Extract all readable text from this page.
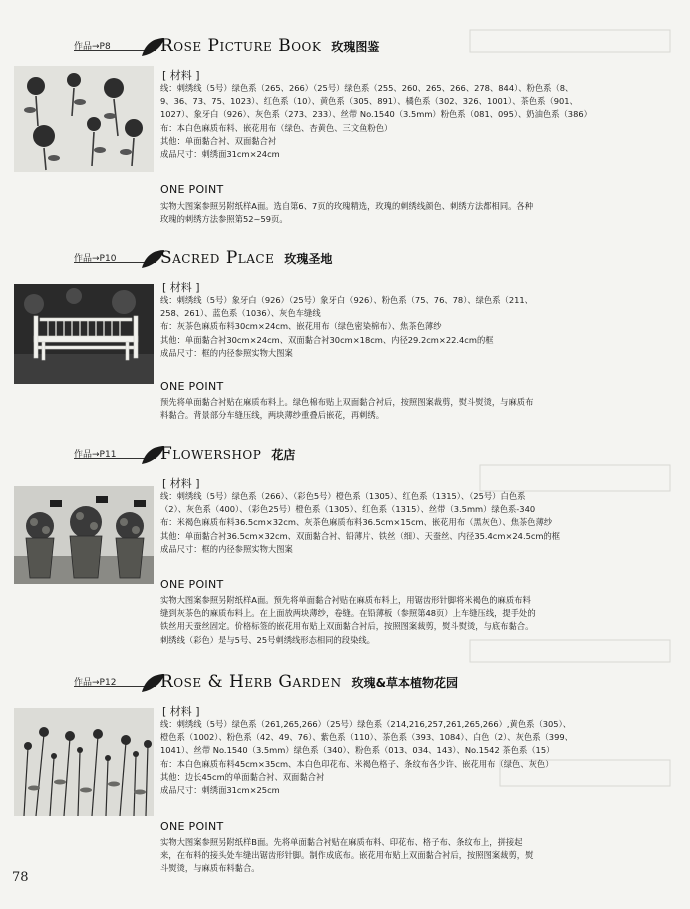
作品→P8	Rose Picture Book 玫瑰图鉴
[ 材料 ]

线：刺绣线（5号）绿色系（265、266）（25号）绿色系（255、260、265、266、278、844）、粉色系（8、

9、36、73、75、1023）、红色系（10）、黄色系（305、891）、橘色系（302、326、1001）、茶色系（901、

1027）、象牙白（926）、灰色系（273、233）、丝带 No.1540（3.5mm）粉色系（081、095）、奶油色系（386）

布：本白色麻质布料、嵌花用布（绿色、杏黄色、三文鱼粉色）

其他：单面黏合衬、双面黏合衬

成品尺寸：刺绣面31cm×24cm

ONE POINT

实物大图案参照另附纸样A面。选自第6、7页的玫瑰精选，玫瑰的刺绣线颜色、刺绣方法都相同。各种

玫瑰的刺绣方法参照第52~59页。

作品→P10	Sacred Place 玫瑰圣地
[ 材料 ]

线：刺绣线（5号）象牙白（926）（25号）象牙白（926）、粉色系（75、76、78）、绿色系（211、

258、261）、蓝色系（1036）、灰色车缝线

布：灰茶色麻质布料30cm×24cm、嵌花用布（绿色密染棉布）、焦茶色薄纱

其他：单面黏合衬30cm×24cm、双面黏合衬30cm×18cm、内径29.2cm×22.4cm的框

成品尺寸：框的内径参照实物大图案

ONE POINT

预先将单面黏合衬贴在麻质布料上。绿色棉布贴上双面黏合衬后，按照图案裁剪，熨斗熨烫，与麻质布

料黏合。背景部分车缝压线，两块薄纱重叠后嵌花，再刺绣。

作品→P11	Flowershop 花店
[ 材料 ]

线：刺绣线（5号）绿色系（266）、（彩色5号）橙色系（1305）、红色系（1315）、（25号）白色系

（2）、灰色系（400）、（彩色25号）橙色系（1305）、红色系（1315）、丝带（3.5mm）绿色系-340

布：米褐色麻质布料36.5cm×32cm、灰茶色麻质布料36.5cm×15cm、嵌花用布（黑灰色）、焦茶色薄纱

其他：单面黏合衬36.5cm×32cm、双面黏合衬、铅薄片、铁丝（细）、天蚕丝、内径35.4cm×24.5cm的框

成品尺寸：框的内径参照实物大图案

ONE POINT

实物大图案参照另附纸样A面。预先将单面黏合衬贴在麻质布料上，用锯齿形针脚将米褐色的麻质布料

缝到灰茶色的麻质布料上。在上面放两块薄纱，卷缝。在铅薄板（参照第48页）上车缝压线，提手处的

铁丝用天蚕丝固定。价格标签的嵌花用布贴上双面黏合衬后，按照图案裁剪，熨斗熨烫，与底布黏合。

刺绣线（彩色）是与5号、25号刺绣线形态相同的段染线。

作品→P12	Rose & Herb Garden 玫瑰&草本植物花园
[ 材料 ]

线：刺绣线（5号）绿色系（261,265,266）（25号）绿色系（214,216,257,261,265,266）,黄色系（305）、

橙色系（1002）、粉色系（42、49、76）、紫色系（110）、茶色系（393、1084）、白色（2）、灰色系（399、

1041）、丝带 No.1540（3.5mm）绿色系（340）、粉色系（013、034、143）、No.1542 茶色系（15）

布：本白色麻质布料45cm×35cm、本白色印花布、米褐色格子、条纹布各少许、嵌花用布（绿色、灰色）

其他：边长45cm的单面黏合衬、双面黏合衬

成品尺寸：刺绣面31cm×25cm

ONE POINT

实物大图案参照另附纸样B面。先将单面黏合衬贴在麻质布料、印花布、格子布、条纹布上，拼接起

来，在布料的接头处车缝出锯齿形针脚。制作成底布。嵌花用布贴上双面黏合衬后，按照图案裁剪，熨

斗熨烫，与麻质布料黏合。

78
